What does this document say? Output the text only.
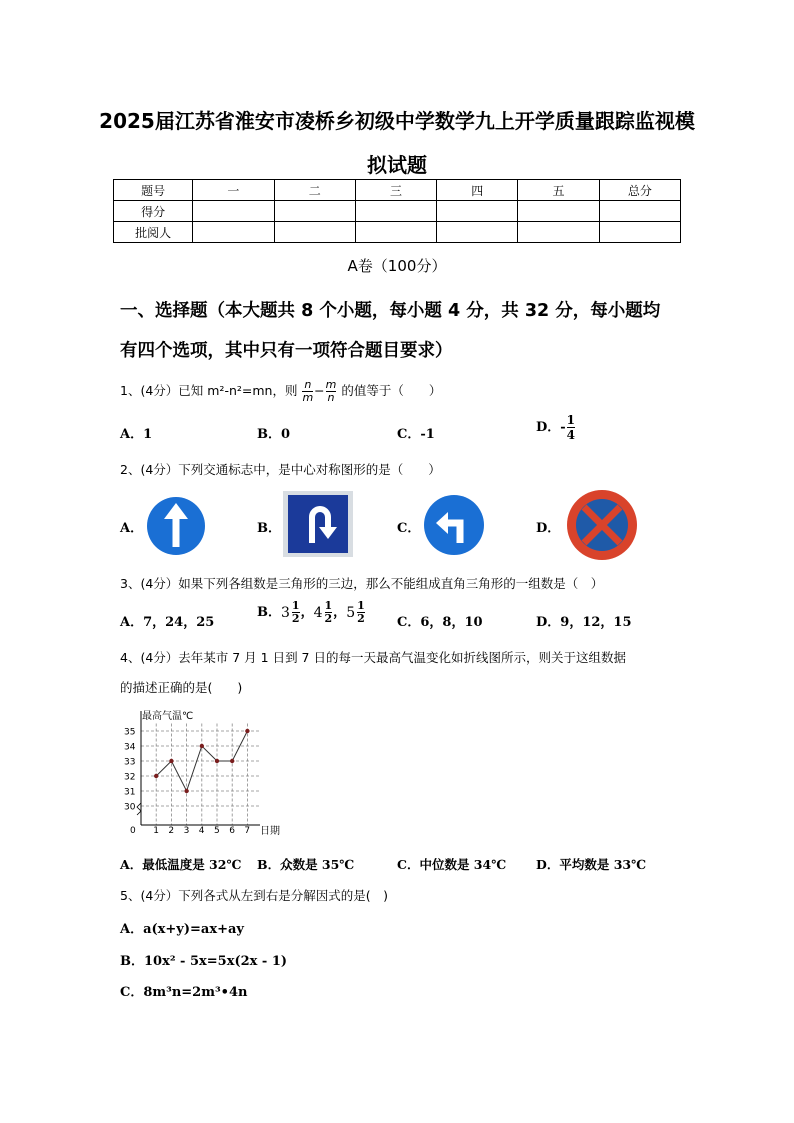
2025届江苏省淮安市凌桥乡初级中学数学九上开学质量跟踪监视模
拟试题
题号	一	二	三	四	五	总分
得分						
批阅人						
A卷（100分）
一、选择题（本大题共 8 个小题，每小题 4 分，共 32 分，每小题均
有四个选项，其中只有一项符合题目要求）
1、(4分）已知 m²-n²=mn，则 $\frac{n}{m} - \frac{m}{n}$ 的值等于（　　）
A．1	B．0	C．-1	D．- $\frac{1}{4}$
2、(4分）下列交通标志中，是中心对称图形的是（　　）
A．	B．	C．	D．
3、(4分）如果下列各组数是三角形的三边，那么不能组成直角三角形的一组数是（　）
A．7，24，25
B． $3 \frac{1}{2}$ ， $4 \frac{1}{2}$ ， $5 \frac{1}{2}$ C．6，8，10	D．9，12，15
4、(4分）去年某市 7 月 1 日到 7 日的每一天最高气温变化如折线图所示，则关于这组数据
的描述正确的是(　　)
最高气温℃
日期
30
31
32
33
34
35
0 1 2 3 4 5 6 7
A．最低温度是 32℃ B．众数是 35℃	C．中位数是 34℃ D．平均数是 33℃
5、(4分）下列各式从左到右是分解因式的是(　)
A．a(x+y)=ax+ay
B．10x² - 5x=5x(2x - 1)
C．8m³n=2m³•4n
